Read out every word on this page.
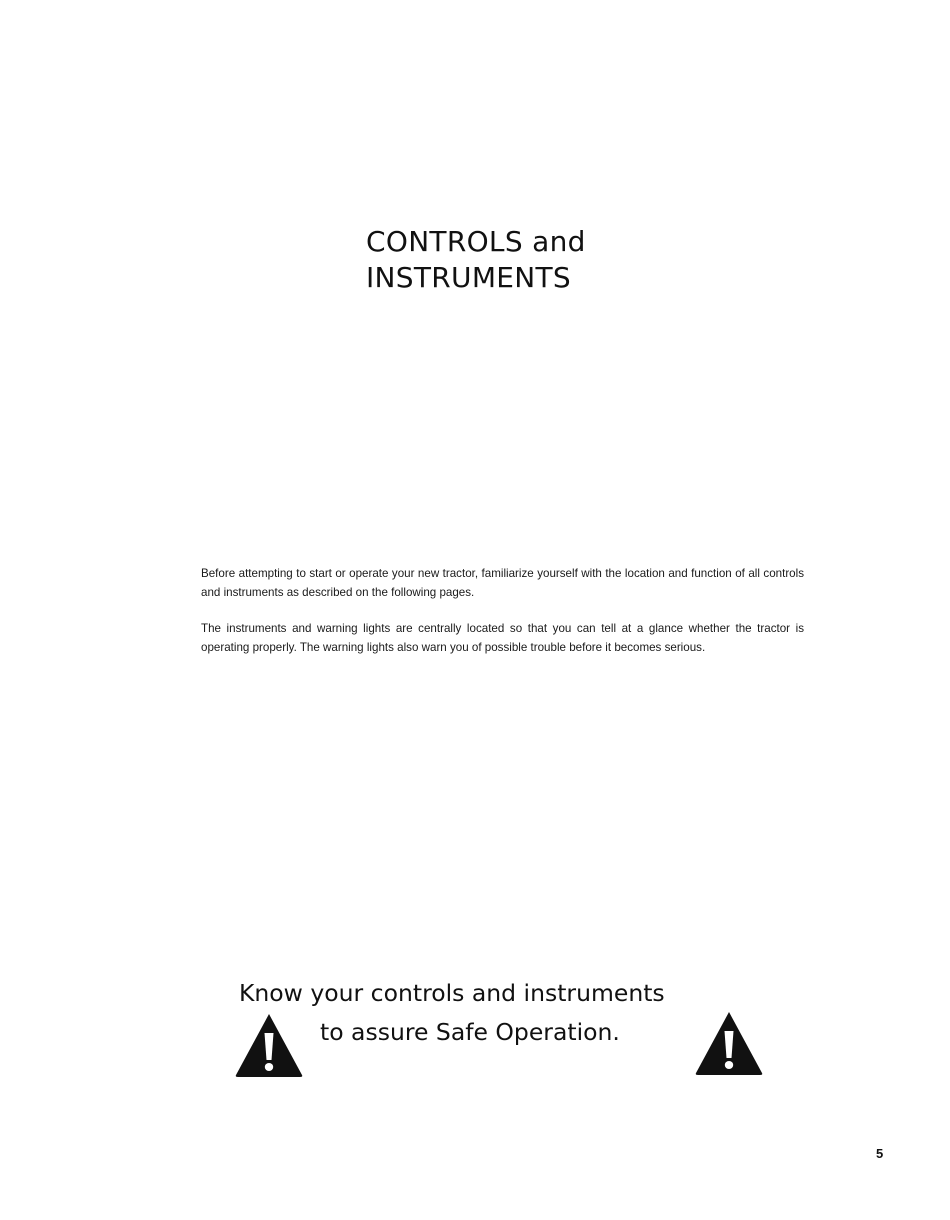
CONTROLS and
INSTRUMENTS

Before attempting to start or operate your new tractor, familiarize yourself with the location and function of all controls and instruments as described on the following pages.

The instruments and warning lights are centrally located so that you can tell at a glance whether the tractor is operating properly. The warning lights also warn you of possible trouble before it becomes serious.

Know your controls and instruments

to assure Safe Operation.

5
